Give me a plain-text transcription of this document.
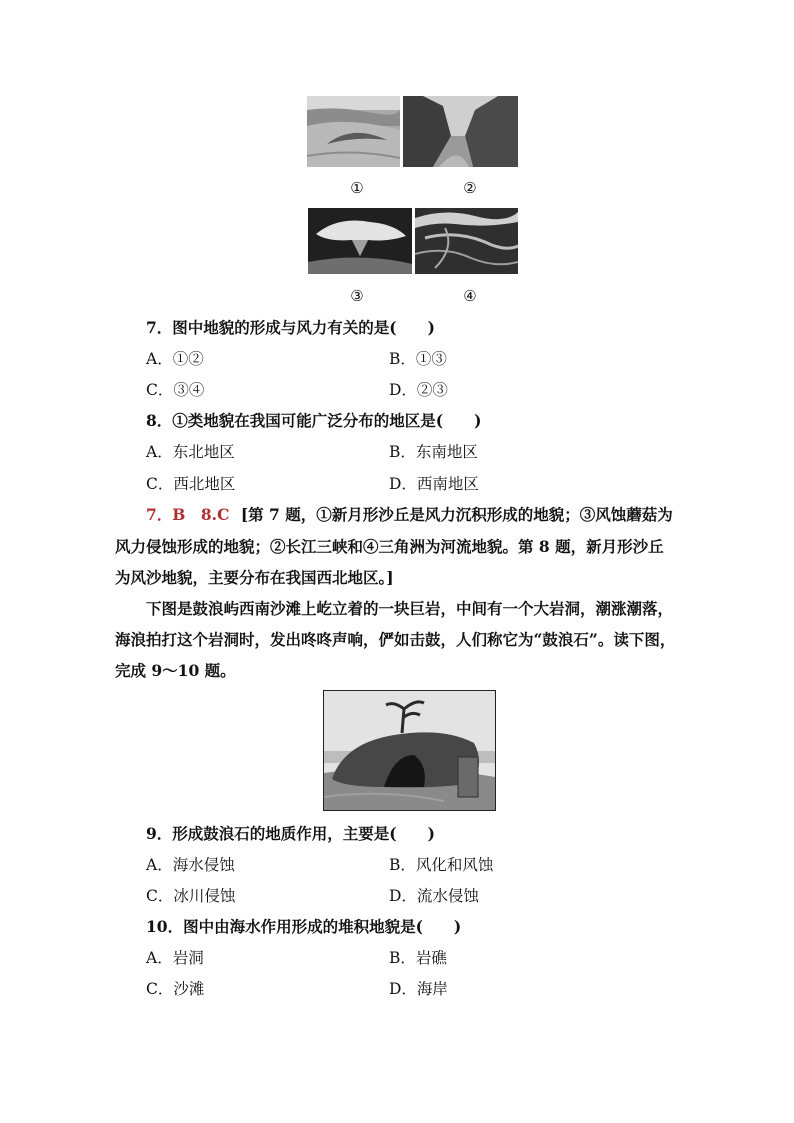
①	②
③	④
7．图中地貌的形成与风力有关的是(　　)
A．①②	B．①③
C．③④	D．②③
8．①类地貌在我国可能广泛分布的地区是(　　)
A．东北地区	B．东南地区
C．西北地区	D．西南地区
7．B　8.C [第 7 题，①新月形沙丘是风力沉积形成的地貌；③风蚀蘑菇为
风力侵蚀形成的地貌；②长江三峡和④三角洲为河流地貌。第 8 题，新月形沙丘
为风沙地貌，主要分布在我国西北地区。]
下图是鼓浪屿西南沙滩上屹立着的一块巨岩，中间有一个大岩洞，潮涨潮落，
海浪拍打这个岩洞时，发出咚咚声响，俨如击鼓，人们称它为“鼓浪石”。读下图，
完成 9～10 题。
9．形成鼓浪石的地质作用，主要是(　　)
A．海水侵蚀	B．风化和风蚀
C．冰川侵蚀	D．流水侵蚀
10．图中由海水作用形成的堆积地貌是(　　)
A．岩洞	B．岩礁
C．沙滩	D．海岸
